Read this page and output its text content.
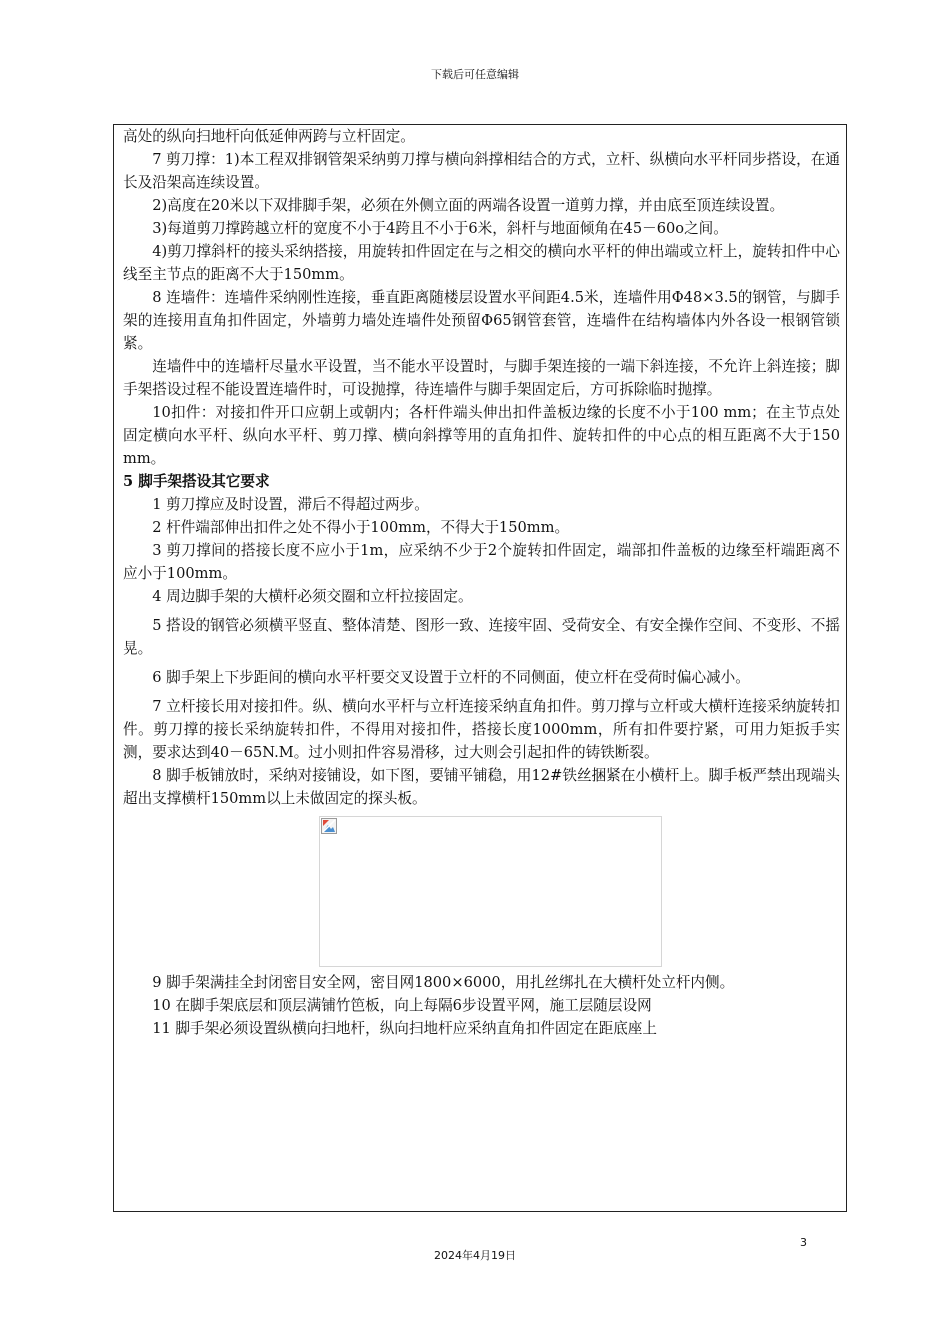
下载后可任意编辑

高处的纵向扫地杆向低延伸两跨与立杆固定。

7 剪刀撑：1)本工程双排钢管架采纳剪刀撑与横向斜撑相结合的方式，立杆、纵横向水平杆同步搭设，在通长及沿架高连续设置。

2)高度在20米以下双排脚手架，必须在外侧立面的两端各设置一道剪力撑，并由底至顶连续设置。

3)每道剪刀撑跨越立杆的宽度不小于4跨且不小于6米，斜杆与地面倾角在45－60o之间。

4)剪刀撑斜杆的接头采纳搭接，用旋转扣件固定在与之相交的横向水平杆的伸出端或立杆上，旋转扣件中心线至主节点的距离不大于150mm。

8 连墙件：连墙件采纳刚性连接，垂直距离随楼层设置水平间距4.5米，连墙件用Φ48×3.5的钢管，与脚手架的连接用直角扣件固定，外墙剪力墙处连墙件处预留Φ65钢管套管，连墙件在结构墙体内外各设一根钢管锁紧。

连墙件中的连墙杆尽量水平设置，当不能水平设置时，与脚手架连接的一端下斜连接，不允许上斜连接；脚手架搭设过程不能设置连墙件时，可设抛撑，待连墙件与脚手架固定后，方可拆除临时抛撑。

10扣件：对接扣件开口应朝上或朝内；各杆件端头伸出扣件盖板边缘的长度不小于100 mm；在主节点处固定横向水平杆、纵向水平杆、剪刀撑、横向斜撑等用的直角扣件、旋转扣件的中心点的相互距离不大于150 mm。

5 脚手架搭设其它要求

1 剪刀撑应及时设置，滞后不得超过两步。

2 杆件端部伸出扣件之处不得小于100mm，不得大于150mm。

3 剪刀撑间的搭接长度不应小于1m，应采纳不少于2个旋转扣件固定，端部扣件盖板的边缘至杆端距离不应小于100mm。

4 周边脚手架的大横杆必须交圈和立杆拉接固定。

5 搭设的钢管必须横平竖直、整体清楚、图形一致、连接牢固、受荷安全、有安全操作空间、不变形、不摇晃。

6 脚手架上下步距间的横向水平杆要交叉设置于立杆的不同侧面，使立杆在受荷时偏心减小。

7 立杆接长用对接扣件。纵、横向水平杆与立杆连接采纳直角扣件。剪刀撑与立杆或大横杆连接采纳旋转扣件。剪刀撑的接长采纳旋转扣件，不得用对接扣件，搭接长度1000mm，所有扣件要拧紧，可用力矩扳手实测，要求达到40－65N.M。过小则扣件容易滑移，过大则会引起扣件的铸铁断裂。

8 脚手板铺放时，采纳对接铺设，如下图，要铺平铺稳，用12#铁丝捆紧在小横杆上。脚手板严禁出现端头超出支撑横杆150mm以上未做固定的探头板。

9 脚手架满挂全封闭密目安全网，密目网1800×6000，用扎丝绑扎在大横杆处立杆内侧。

10 在脚手架底层和顶层满铺竹笆板，向上每隔6步设置平网，施工层随层设网

11 脚手架必须设置纵横向扫地杆，纵向扫地杆应采纳直角扣件固定在距底座上

3
2024年4月19日
